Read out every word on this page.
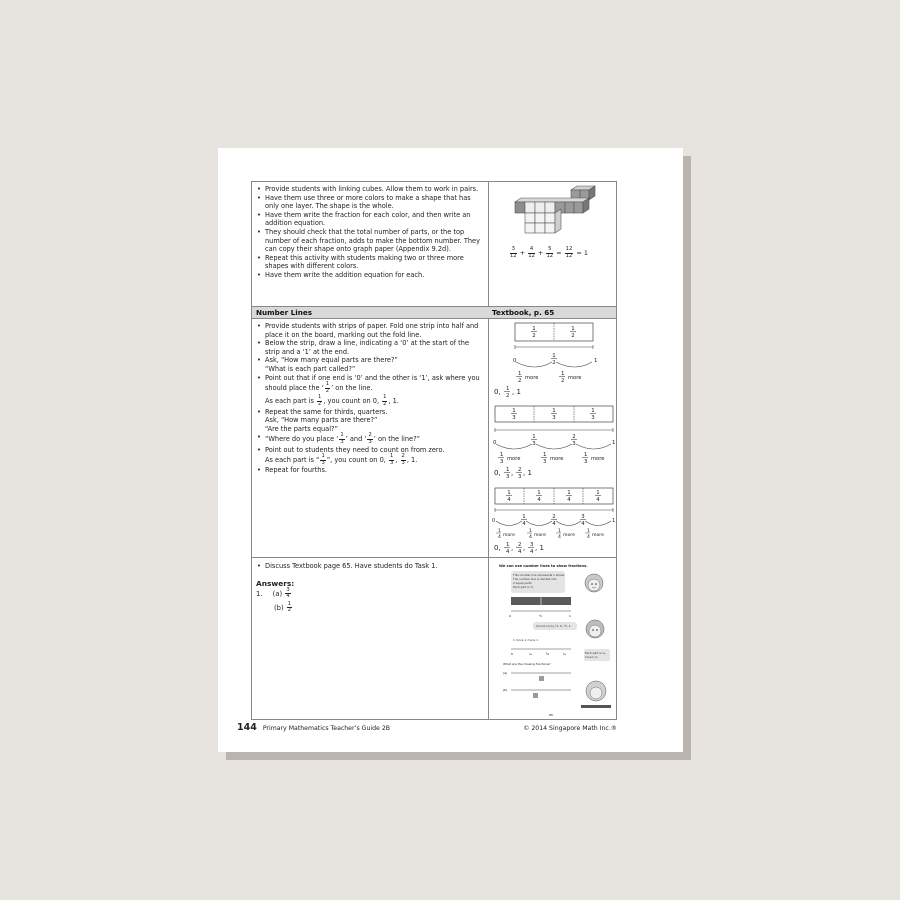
• Provide students with linking cubes. Allow them to work in pairs.
• Have them use three or more colors to make a shape that has only one layer. The shape is the whole.
• Have them write the fraction for each color, and then write an addition equation.
• They should check that the total number of parts, or the top number of each fraction, adds to make the bottom number. They can copy their shape onto graph paper (Appendix 9.2d).
• Repeat this activity with students making two or three more shapes with different colors.
• Have them write the addition equation for each.
$\frac{3}{12} + \frac{4}{12} + \frac{5}{12} = \frac{12}{12} = 1$
Number Lines	Textbook, p. 65
• Provide students with strips of paper. Fold one strip into half and place it on the board, marking out the fold line.
• Below the strip, draw a line, indicating a ‘0’ at the start of the strip and a ‘1’ at the end.
• Ask, “How many equal parts are there?”
“What is each part called?”
• Point out that if one end is ‘0’ and the other is ‘1’, ask where you should place the ‘ $\frac{1}{2}$ ’ on the line.
As each part is $\frac{1}{2}$ , you count on 0, $\frac{1}{2}$ , 1.
• Repeat the same for thirds, quarters.
Ask, “How many parts are there?”
“Are the parts equal?”
• “Where do you place ‘ $\frac{1}{3}$ ’ and ‘ $\frac{2}{3}$ ’ on the line?”
• Point out to students they need to count on from zero.
As each part is “ $\frac{1}{3}$ ”, you count on 0, $\frac{1}{3}$ , $\frac{2}{3}$ , 1.
• Repeat for fourths.
1
2
1
2
0
1
2	1
1
2 more
1
2 more
0, 1
2 , 1
1
3
1
3
1
3
0
1
3
2
3	1
1
3 more
1
3 more
1
3 more
0, 1
3 , 2
3 , 1
1
4
1
4
1
4
1
4
0
1
4
2
4
3
4	1
1
4 more
1
4 more
1
4 more
1
4 more
0, 1
4 , 2
4 , 3
4 , 1
• Discuss Textbook page 65. Have students do Task 1.
Answers:
1. $(a) \frac{3}{4}$
$(b) \frac{1}{2}$
We can use number lines to show fractions.
This number line represents 1 whole.
The number line is divided into
2 equal parts.
Each part is ½.
0	½	1
Count on by ½: 0, ½, 1
1 more 1 more 1
0	¼	²⁄₄	¾	Each part is ¼.
Count on.
What are the missing fractions?
(a)
(b)
65
144 Primary Mathematics Teacher’s Guide 2B	© 2014 Singapore Math Inc.®
